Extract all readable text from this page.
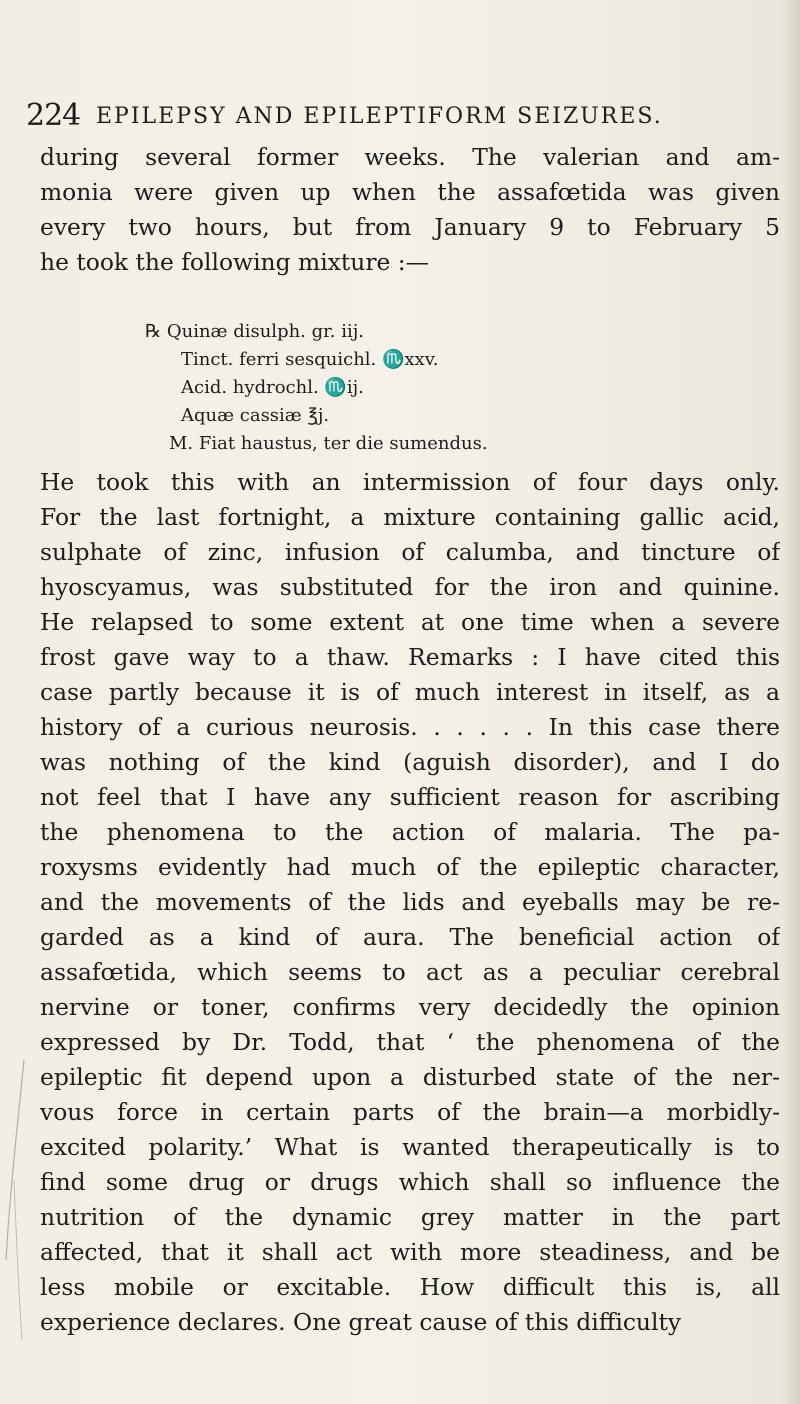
224 EPILEPSY AND EPILEPTIFORM SEIZURES.
during several former weeks. The valerian and am-
monia were given up when the assafœtida was given
every two hours, but from January 9 to February 5
he took the following mixture :—
℞ Quinæ disulph. gr. iij.
Tinct. ferri sesquichl. ♏xxv.
Acid. hydrochl. ♏ij.
Aquæ cassiæ ℥j.
M. Fiat haustus, ter die sumendus.
He took this with an intermission of four days only.
For the last fortnight, a mixture containing gallic acid,
sulphate of zinc, infusion of calumba, and tincture of
hyoscyamus, was substituted for the iron and quinine.
He relapsed to some extent at one time when a severe
frost gave way to a thaw. Remarks : I have cited this
case partly because it is of much interest in itself, as a
history of a curious neurosis. . . . . . In this case there
was nothing of the kind (aguish disorder), and I do
not feel that I have any sufficient reason for ascribing
the phenomena to the action of malaria. The pa-
roxysms evidently had much of the epileptic character,
and the movements of the lids and eyeballs may be re-
garded as a kind of aura. The beneficial action of
assafœtida, which seems to act as a peculiar cerebral
nervine or toner, confirms very decidedly the opinion
expressed by Dr. Todd, that ‘ the phenomena of the
epileptic fit depend upon a disturbed state of the ner-
vous force in certain parts of the brain—a morbidly-
excited polarity.’ What is wanted therapeutically is to
find some drug or drugs which shall so influence the
nutrition of the dynamic grey matter in the part
affected, that it shall act with more steadiness, and be
less mobile or excitable. How difficult this is, all
experience declares. One great cause of this difficulty
